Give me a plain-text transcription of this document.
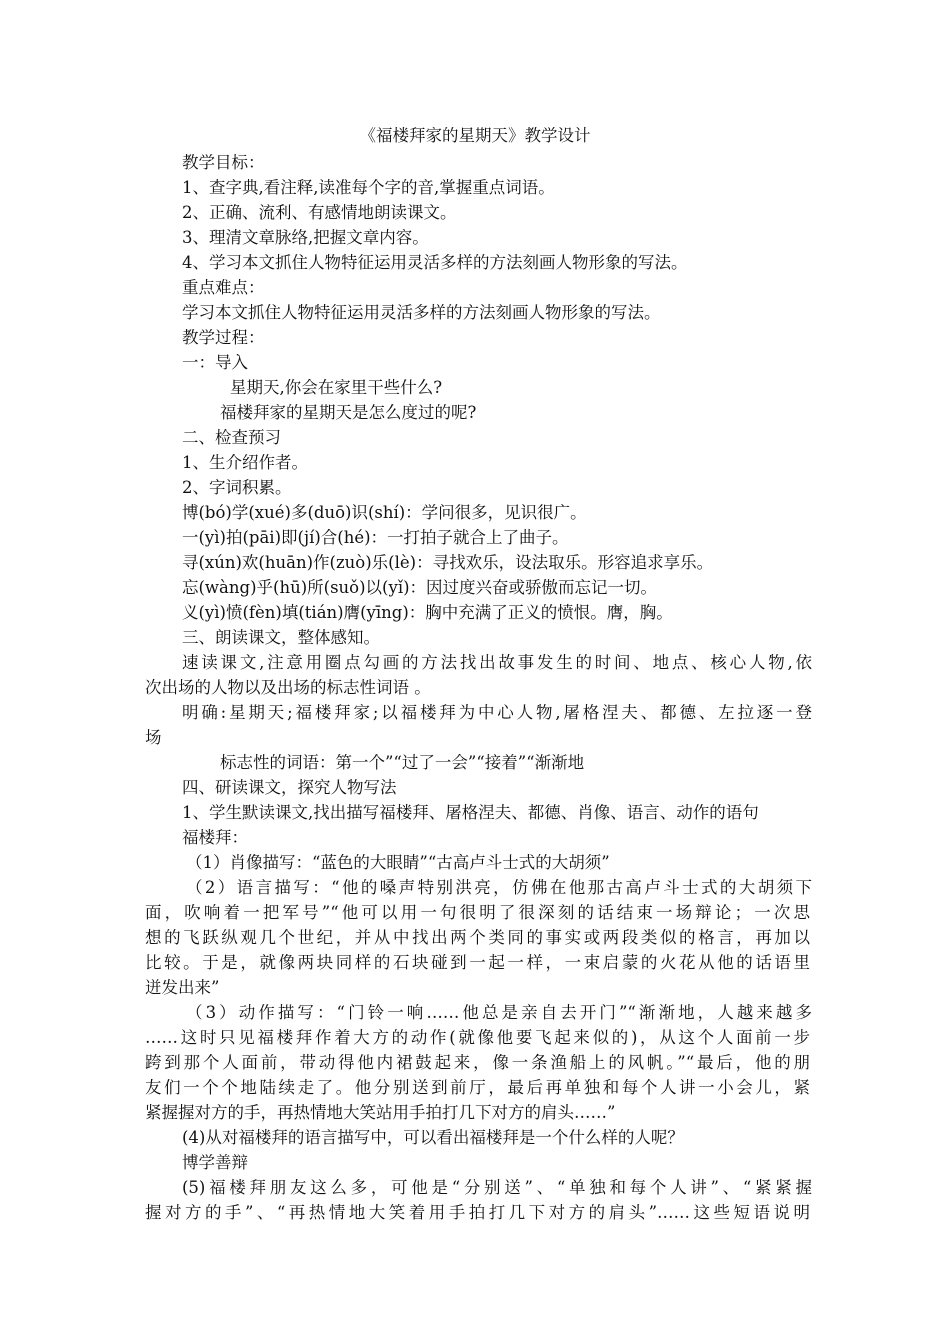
《福楼拜家的星期天》教学设计
教学目标：
1、查字典,看注释,读准每个字的音,掌握重点词语。
2、正确、流利、有感情地朗读课文。
3、理清文章脉络,把握文章内容。
4、学习本文抓住人物特征运用灵活多样的方法刻画人物形象的写法。
重点难点：
学习本文抓住人物特征运用灵活多样的方法刻画人物形象的写法。
教学过程：
一：导入
星期天,你会在家里干些什么?
福楼拜家的星期天是怎么度过的呢?
二、检查预习
1、生介绍作者。
2、字词积累。
博(bó)学(xué)多(duō)识(shí)：学问很多，见识很广。
一(yì)拍(pāi)即(jí)合(hé)：一打拍子就合上了曲子。
寻(xún)欢(huān)作(zuò)乐(lè)：寻找欢乐，设法取乐。形容追求享乐。
忘(wàng)乎(hū)所(suǒ)以(yǐ)：因过度兴奋或骄傲而忘记一切。
义(yì)愤(fèn)填(tián)膺(yīng)：胸中充满了正义的愤恨。膺，胸。
三、朗读课文，整体感知。
速读课文,注意用圈点勾画的方法找出故事发生的时间、地点、核心人物,依
次出场的人物以及出场的标志性词语 。
明确:星期天;福楼拜家;以福楼拜为中心人物,屠格涅夫、都德、左拉逐一登
场
标志性的词语：第一个”“过了一会”“接着”“渐渐地
四、研读课文，探究人物写法
1、学生默读课文,找出描写福楼拜、屠格涅夫、都德、肖像、语言、动作的语句
福楼拜：
（1）肖像描写：“蓝色的大眼睛”“古高卢斗士式的大胡须”
（2）语言描写：“他的嗓声特别洪亮，仿佛在他那古高卢斗士式的大胡须下
面，吹响着一把军号”“他可以用一句很明了很深刻的话结束一场辩论；一次思
想的飞跃纵观几个世纪，并从中找出两个类同的事实或两段类似的格言，再加以
比较。于是，就像两块同样的石块碰到一起一样，一束启蒙的火花从他的话语里
迸发出来”
（3）动作描写：“门铃一响……他总是亲自去开门”“渐渐地，人越来越多
……这时只见福楼拜作着大方的动作(就像他要飞起来似的)，从这个人面前一步
跨到那个人面前，带动得他内裙鼓起来，像一条渔船上的风帆。”“最后，他的朋
友们一个个地陆续走了。他分别送到前厅，最后再单独和每个人讲一小会儿，紧
紧握握对方的手，再热情地大笑站用手拍打几下对方的肩头……”
(4)从对福楼拜的语言描写中，可以看出福楼拜是一个什么样的人呢？
博学善辩
(5)福楼拜朋友这么多，可他是“分别送”、“单独和每个人讲”、“紧紧握
握对方的手”、“再热情地大笑着用手拍打几下对方的肩头”……这些短语说明
